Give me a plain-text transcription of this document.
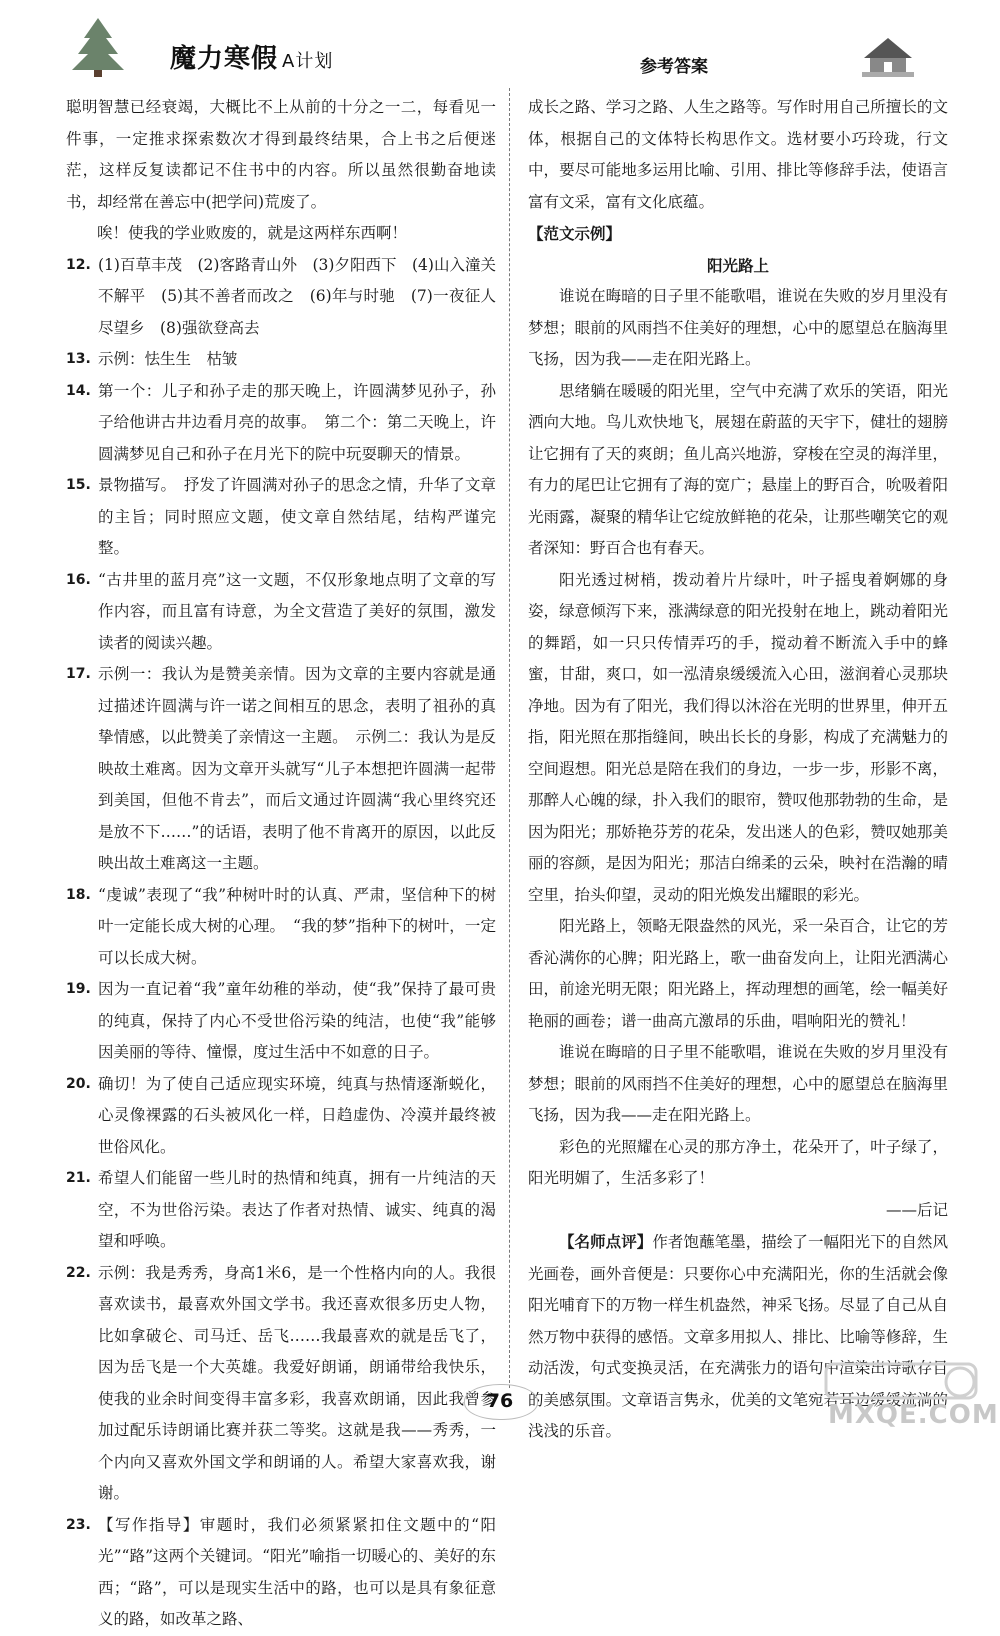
魔力寒假 A计划	参考答案

聪明智慧已经衰竭，大概比不上从前的十分之一二，每看见一件事，一定推求探索数次才得到最终结果，合上书之后便迷茫，这样反复读都记不住书中的内容。所以虽然很勤奋地读书，却经常在善忘中(把学问)荒废了。

唉！使我的学业败废的，就是这两样东西啊！

12. (1)百草丰茂　(2)客路青山外　(3)夕阳西下　(4)山入潼关不解平　(5)其不善者而改之　(6)年与时驰　(7)一夜征人尽望乡　(8)强欲登高去
13. 示例：怯生生　枯皱
14. 第一个：儿子和孙子走的那天晚上，许圆满梦见孙子，孙子给他讲古井边看月亮的故事。　第二个：第二天晚上，许圆满梦见自己和孙子在月光下的院中玩耍聊天的情景。
15. 景物描写。　抒发了许圆满对孙子的思念之情，升华了文章的主旨；同时照应文题，使文章自然结尾，结构严谨完整。
16. “古井里的蓝月亮”这一文题，不仅形象地点明了文章的写作内容，而且富有诗意，为全文营造了美好的氛围，激发读者的阅读兴趣。
17. 示例一：我认为是赞美亲情。因为文章的主要内容就是通过描述许圆满与许一诺之间相互的思念，表明了祖孙的真挚情感，以此赞美了亲情这一主题。　示例二：我认为是反映故土难离。因为文章开头就写“儿子本想把许圆满一起带到美国，但他不肯去”，而后文通过许圆满“我心里终究还是放不下……”的话语，表明了他不肯离开的原因，以此反映出故土难离这一主题。
18. “虔诚”表现了“我”种树叶时的认真、严肃，坚信种下的树叶一定能长成大树的心理。　“我的梦”指种下的树叶，一定可以长成大树。
19. 因为一直记着“我”童年幼稚的举动，使“我”保持了最可贵的纯真，保持了内心不受世俗污染的纯洁，也使“我”能够因美丽的等待、憧憬，度过生活中不如意的日子。
20. 确切！为了使自己适应现实环境，纯真与热情逐渐蜕化，心灵像裸露的石头被风化一样，日趋虚伪、冷漠并最终被世俗风化。
21. 希望人们能留一些儿时的热情和纯真，拥有一片纯洁的天空，不为世俗污染。表达了作者对热情、诚实、纯真的渴望和呼唤。
22. 示例：我是秀秀，身高1米6，是一个性格内向的人。我很喜欢读书，最喜欢外国文学书。我还喜欢很多历史人物，比如拿破仑、司马迁、岳飞……我最喜欢的就是岳飞了，因为岳飞是一个大英雄。我爱好朗诵，朗诵带给我快乐，使我的业余时间变得丰富多彩，我喜欢朗诵，因此我曾参加过配乐诗朗诵比赛并获二等奖。这就是我——秀秀，一个内向又喜欢外国文学和朗诵的人。希望大家喜欢我，谢谢。
23. 【写作指导】审题时，我们必须紧紧扣住文题中的“阳光”“路”这两个关键词。“阳光”喻指一切暖心的、美好的东西；“路”，可以是现实生活中的路，也可以是具有象征意义的路，如改革之路、

成长之路、学习之路、人生之路等。写作时用自己所擅长的文体，根据自己的文体特长构思作文。选材要小巧玲珑，行文中，要尽可能地多运用比喻、引用、排比等修辞手法，使语言富有文采，富有文化底蕴。

【范文示例】

阳光路上

谁说在晦暗的日子里不能歌唱，谁说在失败的岁月里没有梦想；眼前的风雨挡不住美好的理想，心中的愿望总在脑海里飞扬，因为我——走在阳光路上。

思绪躺在暖暖的阳光里，空气中充满了欢乐的笑语，阳光洒向大地。鸟儿欢快地飞，展翅在蔚蓝的天宇下，健壮的翅膀让它拥有了天的爽朗；鱼儿高兴地游，穿梭在空灵的海洋里，有力的尾巴让它拥有了海的宽广；悬崖上的野百合，吮吸着阳光雨露，凝聚的精华让它绽放鲜艳的花朵，让那些嘲笑它的观者深知：野百合也有春天。

阳光透过树梢，拨动着片片绿叶，叶子摇曳着婀娜的身姿，绿意倾泻下来，涨满绿意的阳光投射在地上，跳动着阳光的舞蹈，如一只只传情弄巧的手，搅动着不断流入手中的蜂蜜，甘甜，爽口，如一泓清泉缓缓流入心田，滋润着心灵那块净地。因为有了阳光，我们得以沐浴在光明的世界里，伸开五指，阳光照在那指缝间，映出长长的身影，构成了充满魅力的空间遐想。阳光总是陪在我们的身边，一步一步，形影不离，那醉人心魄的绿，扑入我们的眼帘，赞叹他那勃勃的生命，是因为阳光；那娇艳芬芳的花朵，发出迷人的色彩，赞叹她那美丽的容颜，是因为阳光；那洁白绵柔的云朵，映衬在浩瀚的晴空里，抬头仰望，灵动的阳光焕发出耀眼的彩光。

阳光路上，领略无限盎然的风光，采一朵百合，让它的芳香沁满你的心脾；阳光路上，歌一曲奋发向上，让阳光洒满心田，前途光明无限；阳光路上，挥动理想的画笔，绘一幅美好艳丽的画卷；谱一曲高亢激昂的乐曲，唱响阳光的赞礼！

谁说在晦暗的日子里不能歌唱，谁说在失败的岁月里没有梦想；眼前的风雨挡不住美好的理想，心中的愿望总在脑海里飞扬，因为我——走在阳光路上。

彩色的光照耀在心灵的那方净土，花朵开了，叶子绿了，阳光明媚了，生活多彩了！

——后记

【名师点评】作者饱蘸笔墨，描绘了一幅阳光下的自然风光画卷，画外音便是：只要你心中充满阳光，你的生活就会像阳光哺育下的万物一样生机盎然，神采飞扬。尽显了自己从自然万物中获得的感悟。文章多用拟人、排比、比喻等修辞，生动活泼，句式变换灵活，在充满张力的语句中渲染出诗歌存目的美感氛围。文章语言隽永，优美的文笔宛若耳边缓缓流淌的浅浅的乐音。

76	MXQE.COM
